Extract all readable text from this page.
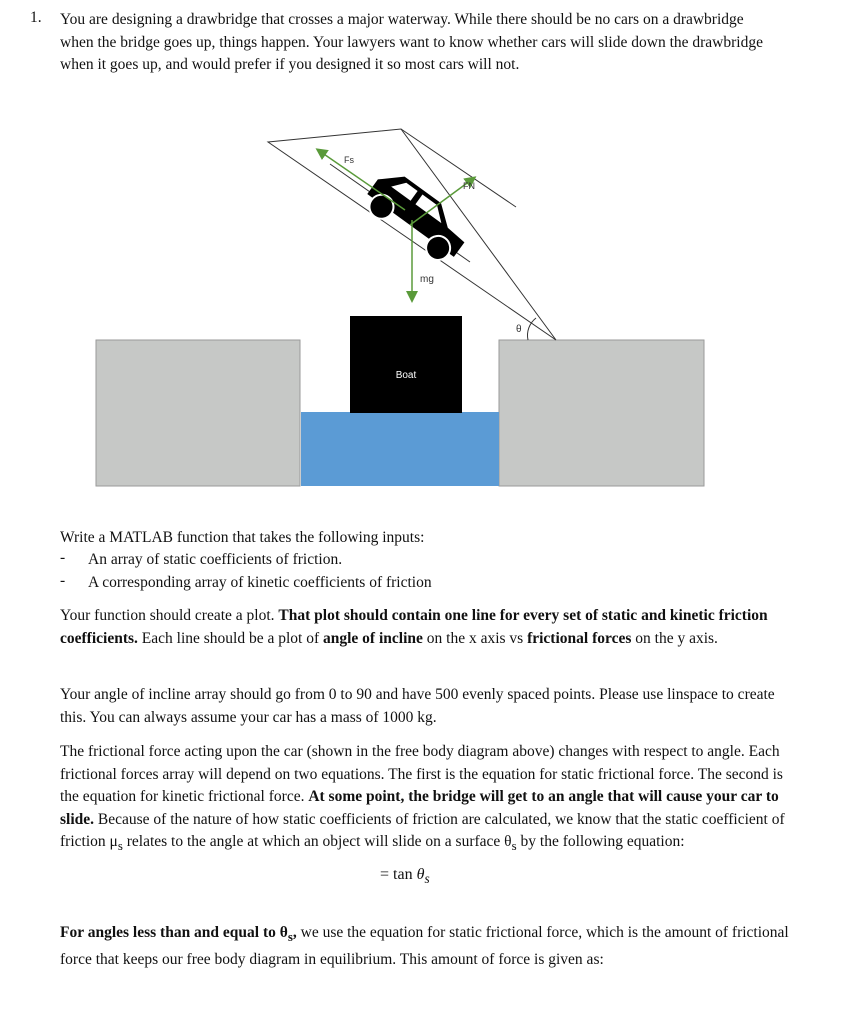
1. You are designing a drawbridge that crosses a major waterway. While there should be no cars on a drawbridge when the bridge goes up, things happen. Your lawyers want to know whether cars will slide down the drawbridge when it goes up, and would prefer if you designed it so most cars will not.
Boat
Fs
FN
mg
θ
Write a MATLAB function that takes the following inputs:
- An array of static coefficients of friction.
- A corresponding array of kinetic coefficients of friction
Your function should create a plot. That plot should contain one line for every set of static and kinetic friction coefficients. Each line should be a plot of angle of incline on the x axis vs frictional forces on the y axis.
Your angle of incline array should go from 0 to 90 and have 500 evenly spaced points. Please use linspace to create this. You can always assume your car has a mass of 1000 kg.
The frictional force acting upon the car (shown in the free body diagram above) changes with respect to angle. Each frictional forces array will depend on two equations. The first is the equation for static frictional force. The second is the equation for kinetic frictional force. At some point, the bridge will get to an angle that will cause your car to slide. Because of the nature of how static coefficients of friction are calculated, we know that the static coefficient of friction $\mu_s$ relates to the angle at which an object will slide on a surface $\theta_s$ by the following equation:
= $\tan \theta_s$
For angles less than and equal to $\theta_s$, we use the equation for static frictional force, which is the amount of frictional force that keeps our free body diagram in equilibrium. This amount of force is given as:
